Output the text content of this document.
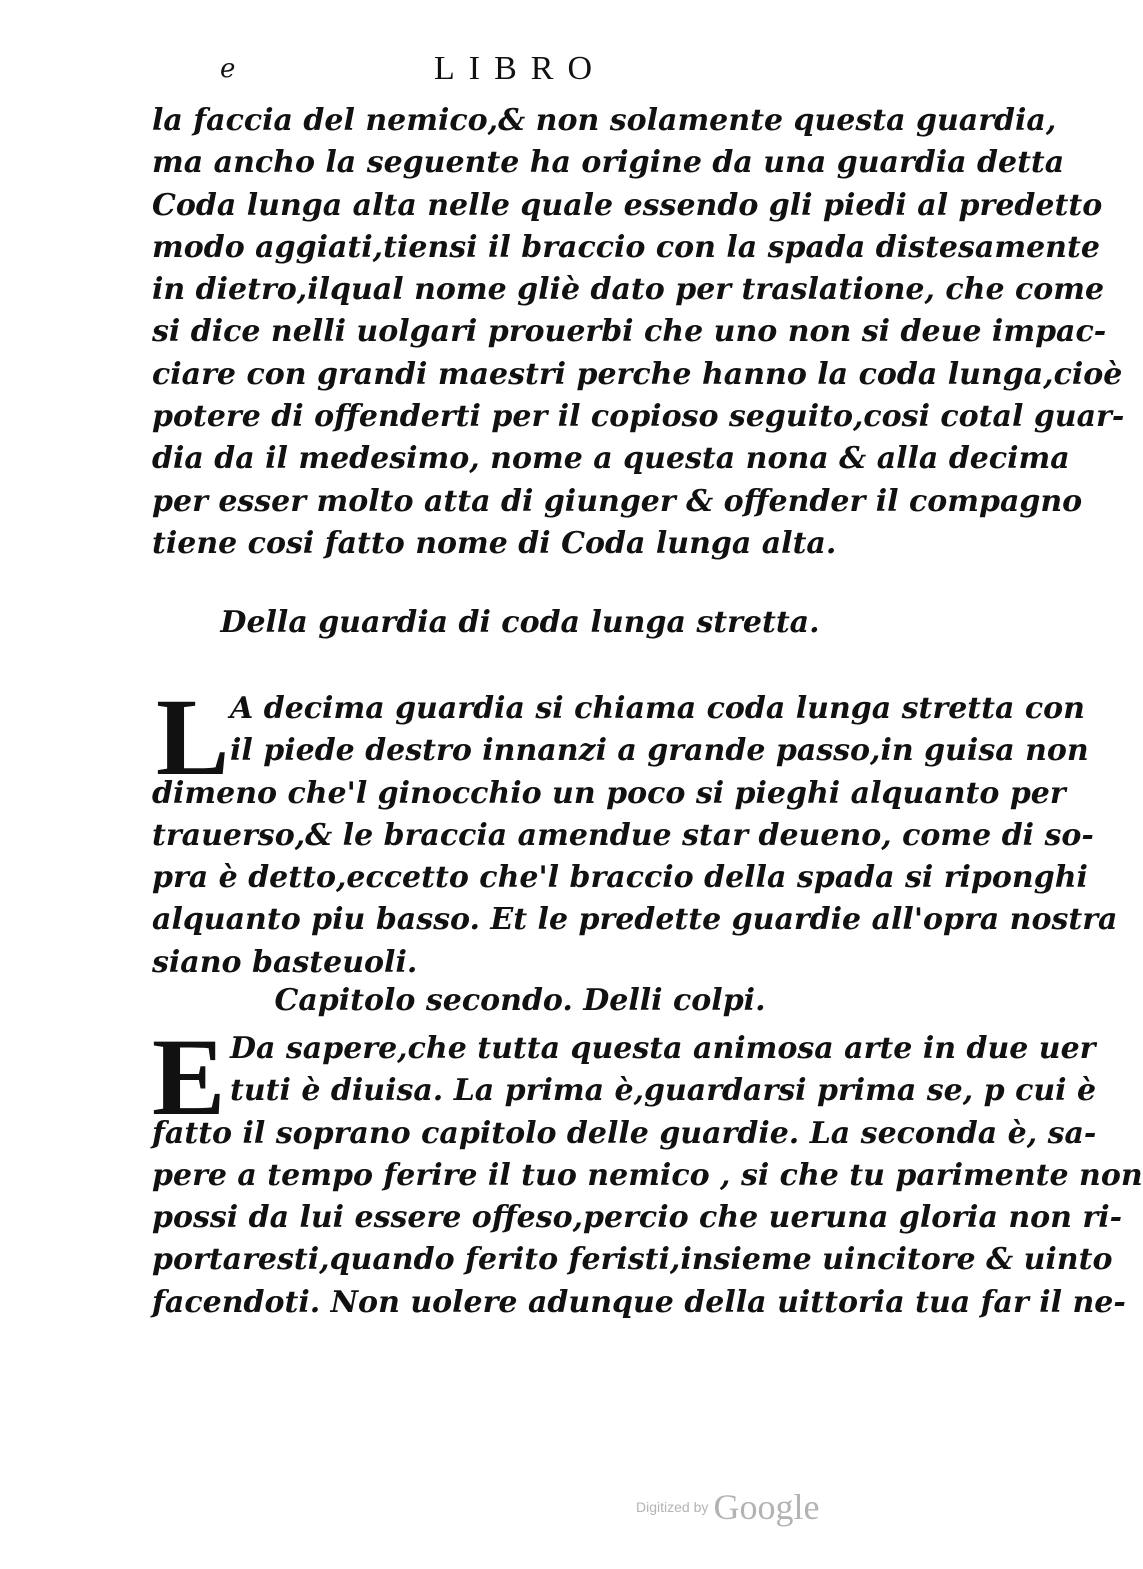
e	LIBRO
la faccia del nemico,& non solamente questa guardia,
ma ancho la seguente ha origine da una guardia detta
Coda lunga alta nelle quale essendo gli piedi al predetto
modo aggiati,tiensi il braccio con la spada distesamente
in dietro,ilqual nome gliè dato per traslatione, che come
si dice nelli uolgari prouerbi che uno non si deue impac-
ciare con grandi maestri perche hanno la coda lunga,cioè
potere di offenderti per il copioso seguito,cosi cotal guar-
dia da il medesimo, nome a questa nona & alla decima
per esser molto atta di giunger & offender il compagno
tiene cosi fatto nome di Coda lunga alta.
Della guardia di coda lunga stretta.
L A decima guardia si chiama coda lunga stretta con
il piede destro innanzi a grande passo,in guisa non
dimeno che'l ginocchio un poco si pieghi alquanto per
trauerso,& le braccia amendue star deueno, come di so-
pra è detto,eccetto che'l braccio della spada si riponghi
alquanto piu basso. Et le predette guardie all'opra nostra
siano basteuoli.
Capitolo secondo. Delli colpi.
E Da sapere,che tutta questa animosa arte in due uer
tuti è diuisa. La prima è,guardarsi prima se, p cui è
fatto il soprano capitolo delle guardie. La seconda è, sa-
pere a tempo ferire il tuo nemico , si che tu parimente non
possi da lui essere offeso,percio che ueruna gloria non ri-
portaresti,quando ferito feristi,insieme uincitore & uinto
facendoti. Non uolere adunque della uittoria tua far il ne-
Digitized by Google
